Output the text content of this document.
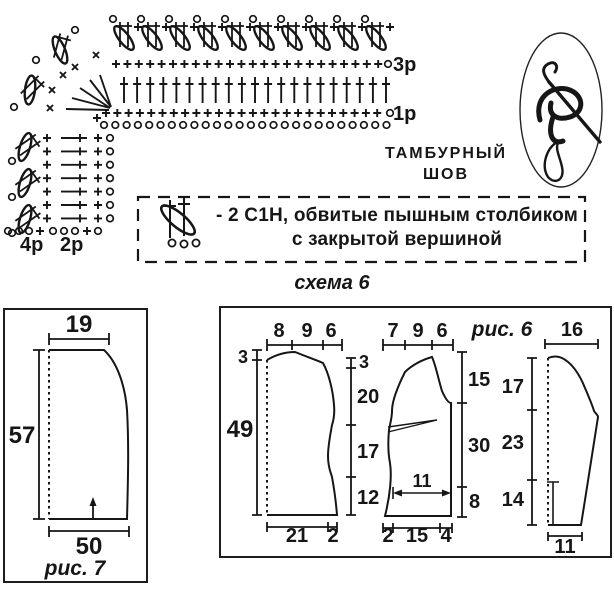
3р
1р
4р 2р
ТАМБУРНЫЙ
ШОВ
- 2 С1Н, обвитые пышным столбиком
с закрытой вершиной
схема 6
19
57
50
рис. 7
рис. 6
8 9 6
3
49
21 2
3
20
17
12
7 9 6
2 15 4
15
30
8
11
16
11
17
23
14
